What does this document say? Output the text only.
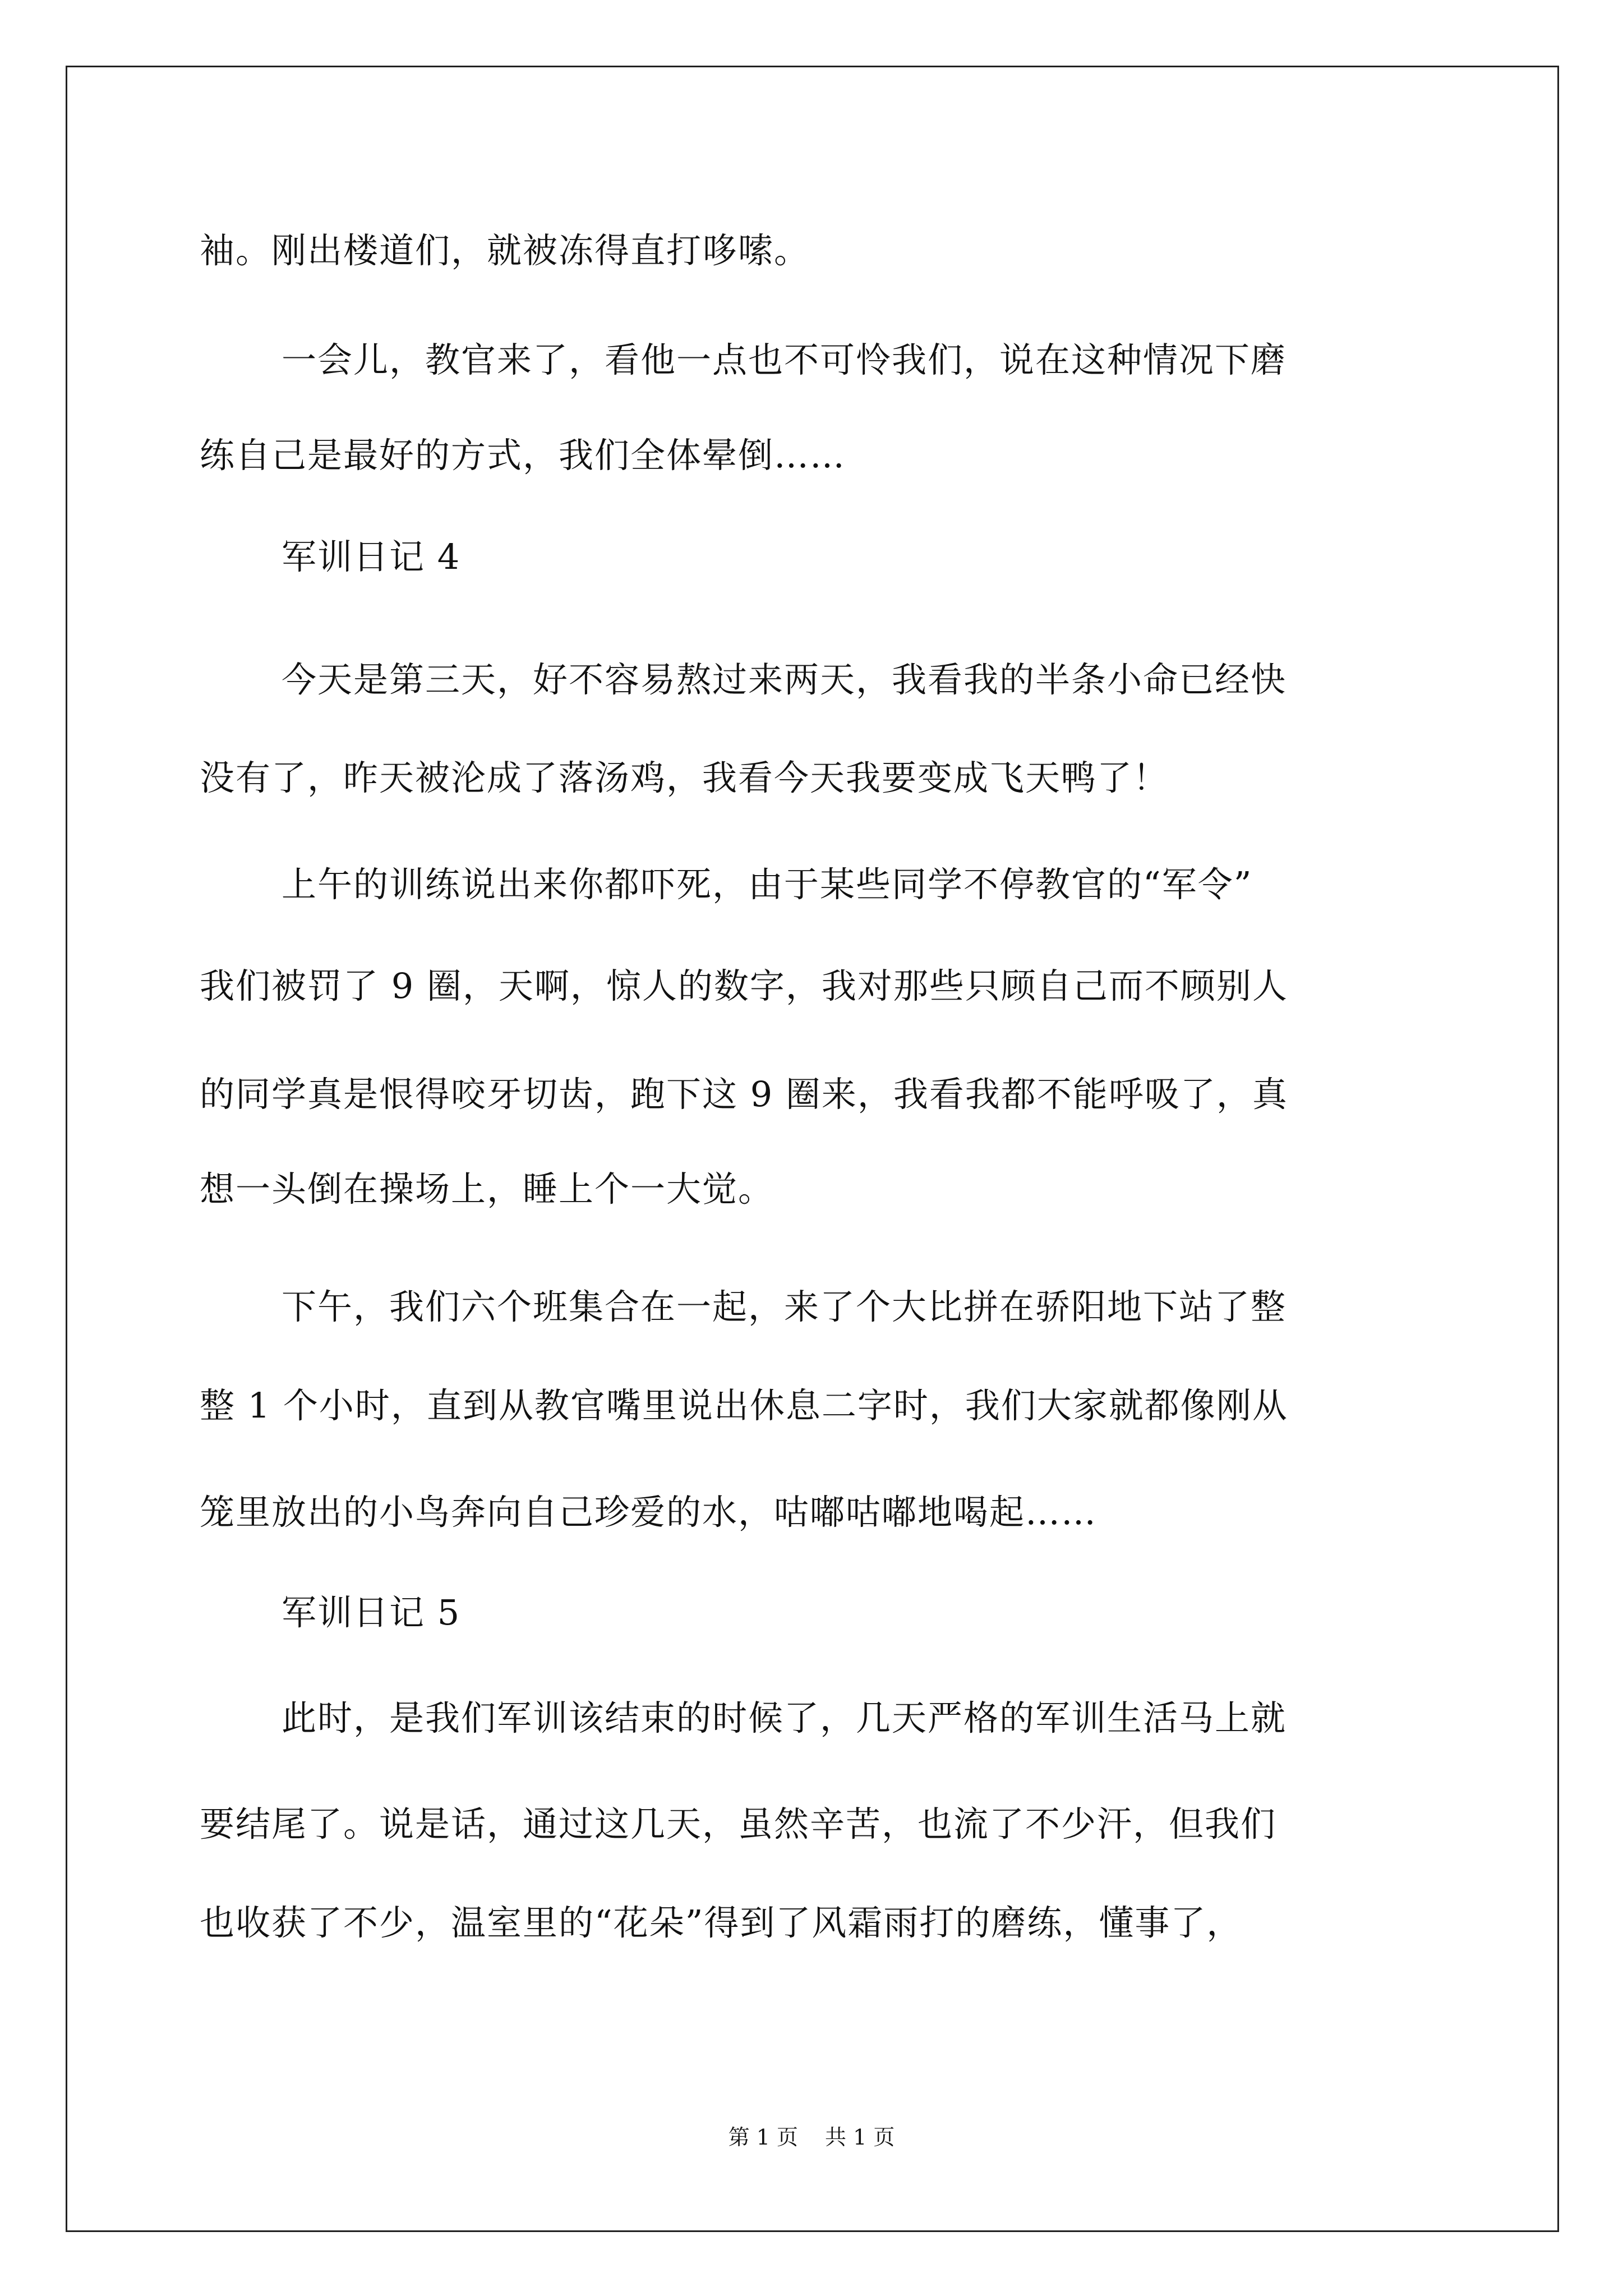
袖。刚出楼道们，就被冻得直打哆嗦。
一会儿，教官来了，看他一点也不可怜我们，说在这种情况下磨
练自己是最好的方式，我们全体晕倒……
军训日记 4
今天是第三天，好不容易熬过来两天，我看我的半条小命已经快
没有了，昨天被沦成了落汤鸡，我看今天我要变成飞天鸭了！
上午的训练说出来你都吓死，由于某些同学不停教官的“军令”
我们被罚了 9 圈，天啊，惊人的数字，我对那些只顾自己而不顾别人
的同学真是恨得咬牙切齿，跑下这 9 圈来，我看我都不能呼吸了，真
想一头倒在操场上，睡上个一大觉。
下午，我们六个班集合在一起，来了个大比拼在骄阳地下站了整
整 1 个小时，直到从教官嘴里说出休息二字时，我们大家就都像刚从
笼里放出的小鸟奔向自己珍爱的水，咕嘟咕嘟地喝起……
军训日记 5
此时，是我们军训该结束的时候了，几天严格的军训生活马上就
要结尾了。说是话，通过这几天，虽然辛苦，也流了不少汗，但我们
也收获了不少，温室里的“花朵”得到了风霜雨打的磨练，懂事了，
第 1 页 共 1 页
